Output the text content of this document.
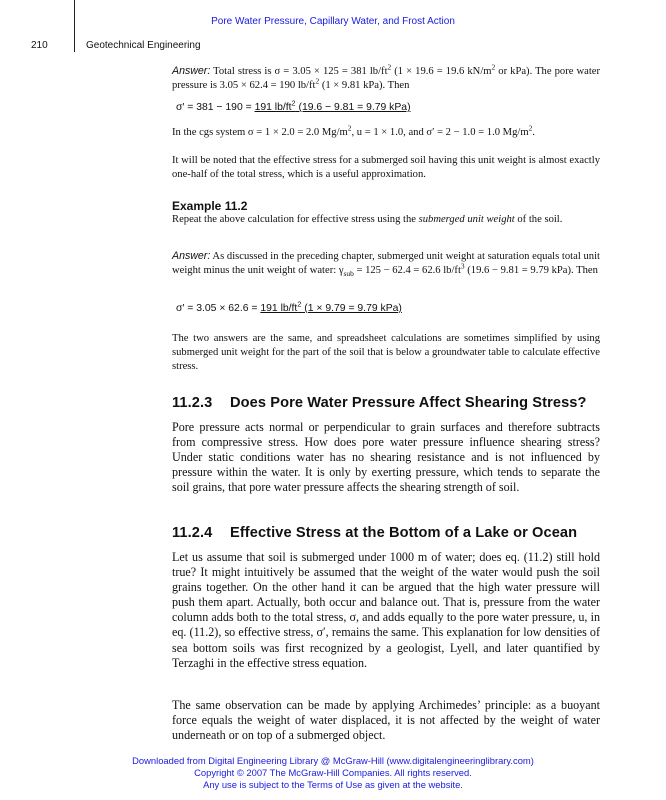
Pore Water Pressure, Capillary Water, and Frost Action
210	Geotechnical Engineering
Answer: Total stress is σ = 3.05 × 125 = 381 $lb/ft^2$ (1 × 19.6 = 19.6 $kN/m^2$ or kPa). The pore water pressure is 3.05 × 62.4 = 190 $lb/ft^2$ (1 × 9.81 kPa). Then
σ′ = 381 − 190 = 191 $lb/ft^2$ (19.6 − 9.81 = 9.79 kPa)
In the cgs system σ = 1 × 2.0 = 2.0 $Mg/m^2$, u = 1 × 1.0, and σ′ = 2 − 1.0 = 1.0 $Mg/m^2$.
It will be noted that the effective stress for a submerged soil having this unit weight is almost exactly one-half of the total stress, which is a useful approximation.
Example 11.2
Repeat the above calculation for effective stress using the submerged unit weight of the soil.
Answer: As discussed in the preceding chapter, submerged unit weight at saturation equals total unit weight minus the unit weight of water: $\gamma_{sub} = 125 - 62.4 = 62.6$ $lb/ft^3$ (19.6 − 9.81 = 9.79 kPa). Then
σ′ = 3.05 × 62.6 = 191 $lb/ft^2$ (1 × 9.79 = 9.79 kPa)
The two answers are the same, and spreadsheet calculations are sometimes simplified by using submerged unit weight for the part of the soil that is below a groundwater table to calculate effective stress.
11.2.3 Does Pore Water Pressure Affect Shearing Stress?
Pore pressure acts normal or perpendicular to grain surfaces and therefore subtracts from compressive stress. How does pore water pressure influence shearing stress? Under static conditions water has no shearing resistance and is not influenced by pressure within the water. It is only by exerting pressure, which tends to separate the soil grains, that pore water pressure affects the shearing strength of soil.
11.2.4 Effective Stress at the Bottom of a Lake or Ocean
Let us assume that soil is submerged under 1000 m of water; does eq. (11.2) still hold true? It might intuitively be assumed that the weight of the water would push the soil grains together. On the other hand it can be argued that the high water pressure will push them apart. Actually, both occur and balance out. That is, pressure from the water column adds both to the total stress, σ, and adds equally to the pore water pressure, u, in eq. (11.2), so effective stress, σ′, remains the same. This explanation for low densities of sea bottom soils was first recognized by a geologist, Lyell, and later quantified by Terzaghi in the effective stress equation.
The same observation can be made by applying Archimedes’ principle: as a buoyant force equals the weight of water displaced, it is not affected by the weight of water underneath or on top of a submerged object.
Downloaded from Digital Engineering Library @ McGraw-Hill (www.digitalengineeringlibrary.com)
Copyright © 2007 The McGraw-Hill Companies. All rights reserved.
Any use is subject to the Terms of Use as given at the website.
